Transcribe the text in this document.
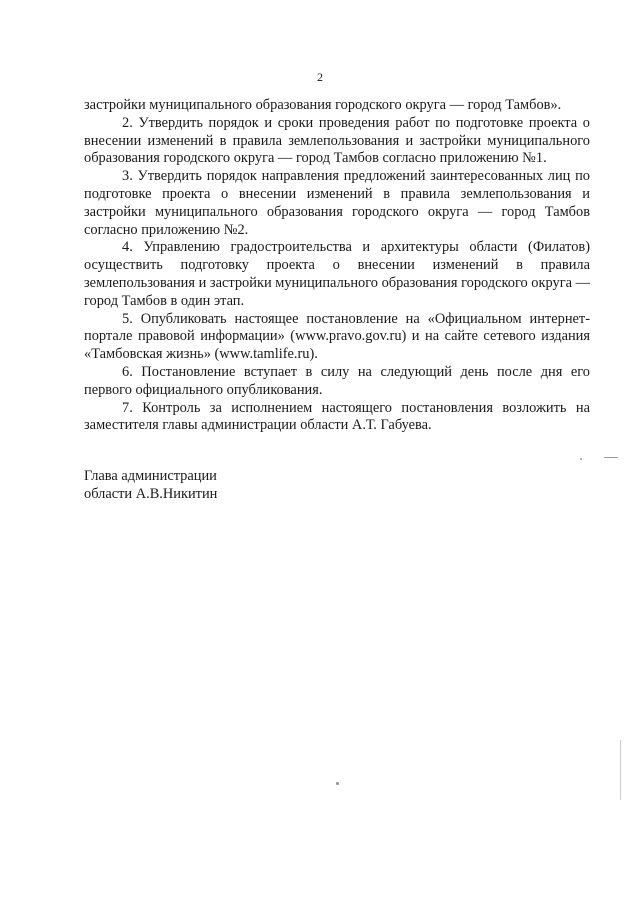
2

застройки муниципального образования городского округа — город Тамбов».

2. Утвердить порядок и сроки проведения работ по подготовке проекта о внесении изменений в правила землепользования и застройки муниципального образования городского округа — город Тамбов согласно приложению №1.

3. Утвердить порядок направления предложений заинтересованных лиц по подготовке проекта о внесении изменений в правила землепользования и застройки муниципального образования городского округа — город Тамбов согласно приложению №2.

4. Управлению градостроительства и архитектуры области (Филатов) осуществить подготовку проекта о внесении изменений в правила землепользования и застройки муниципального образования городского округа — город Тамбов в один этап.

5. Опубликовать настоящее постановление на «Официальном интернет-портале правовой информации» (www.pravo.gov.ru) и на сайте сетевого издания «Тамбовская жизнь» (www.tamlife.ru).

6. Постановление вступает в силу на следующий день после дня его первого официального опубликования.

7. Контроль за исполнением настоящего постановления возложить на заместителя главы администрации области А.Т. Габуева.

Глава администрации
области А.В.Никитин
